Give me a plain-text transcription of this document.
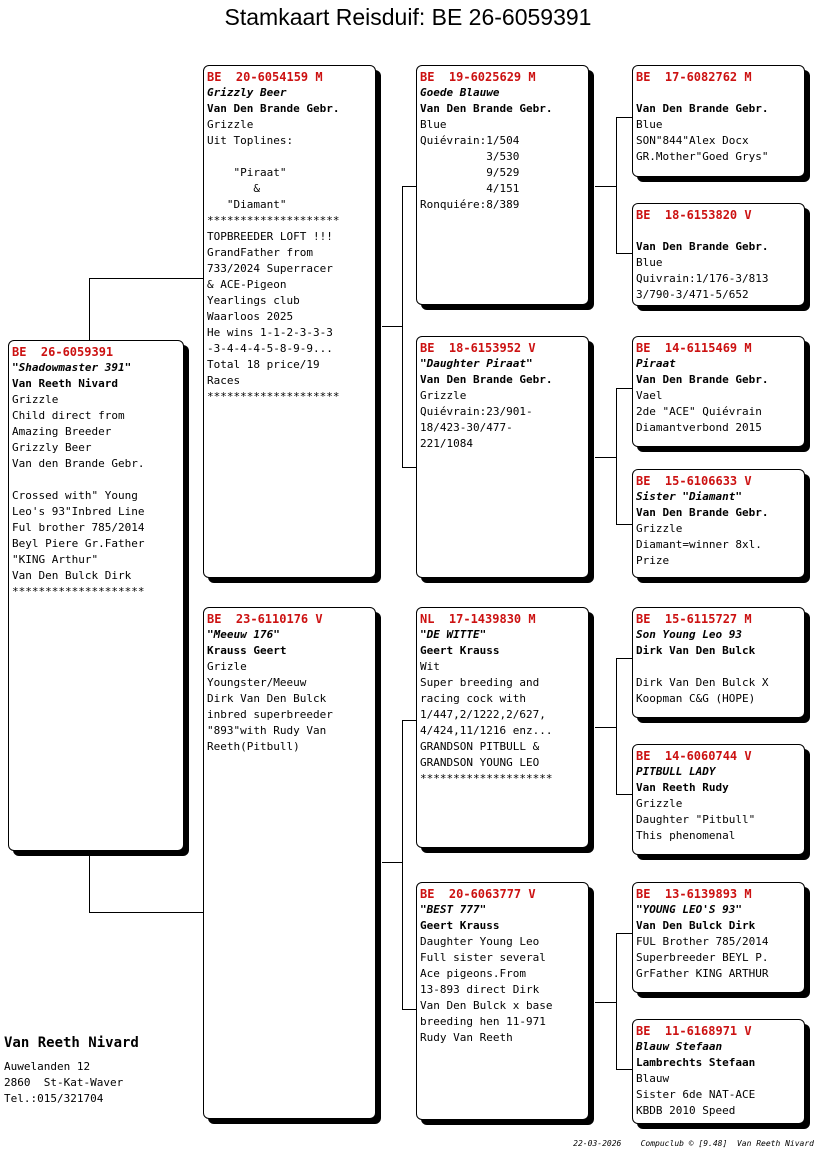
Stamkaart Reisduif: BE 26-6059391
BE  26-6059391
"Shadowmaster 391"
Van Reeth Nivard
Grizzle
Child direct from
Amazing Breeder
Grizzly Beer
Van den Brande Gebr.
Crossed with" Young
Leo's 93"Inbred Line
Ful brother 785/2014
Beyl Piere Gr.Father
"KING Arthur"
Van Den Bulck Dirk
********************
BE  20-6054159 M
Grizzly Beer
Van Den Brande Gebr.
Grizzle
Uit Toplines:
"Piraat"
&
"Diamant"
********************
TOPBREEDER LOFT !!!
GrandFather from
733/2024 Superracer
& ACE-Pigeon
Yearlings club
Waarloos 2025
He wins 1-1-2-3-3-3
-3-4-4-4-5-8-9-9...
Total 18 price/19
Races
********************
BE  23-6110176 V
"Meeuw 176"
Krauss Geert
Grizle
Youngster/Meeuw
Dirk Van Den Bulck
inbred superbreeder
"893"with Rudy Van
Reeth(Pitbull)
BE  19-6025629 M
Goede Blauwe
Van Den Brande Gebr.
Blue
Quiévrain:1/504
3/530
9/529
4/151
Ronquiére:8/389
BE  18-6153952 V
"Daughter Piraat"
Van Den Brande Gebr.
Grizzle
Quiévrain:23/901-
18/423-30/477-
221/1084
NL  17-1439830 M
"DE WITTE"
Geert Krauss
Wit
Super breeding and
racing cock with
1/447,2/1222,2/627,
4/424,11/1216 enz...
GRANDSON PITBULL &
GRANDSON YOUNG LEO
********************
BE  20-6063777 V
"BEST 777"
Geert Krauss
Daughter Young Leo
Full sister several
Ace pigeons.From
13-893 direct Dirk
Van Den Bulck x base
breeding hen 11-971
Rudy Van Reeth
BE  17-6082762 M
Van Den Brande Gebr.
Blue
SON"844"Alex Docx
GR.Mother"Goed Grys"
BE  18-6153820 V
Van Den Brande Gebr.
Blue
Quivrain:1/176-3/813
3/790-3/471-5/652
BE  14-6115469 M
Piraat
Van Den Brande Gebr.
Vael
2de "ACE" Quiévrain
Diamantverbond 2015
BE  15-6106633 V
Sister "Diamant"
Van Den Brande Gebr.
Grizzle
Diamant=winner 8xl.
Prize
BE  15-6115727 M
Son Young Leo 93
Dirk Van Den Bulck
Dirk Van Den Bulck X
Koopman C&G (HOPE)
BE  14-6060744 V
PITBULL LADY
Van Reeth Rudy
Grizzle
Daughter "Pitbull"
This phenomenal
BE  13-6139893 M
"YOUNG LEO'S 93"
Van Den Bulck Dirk
FUL Brother 785/2014
Superbreeder BEYL P.
GrFather KING ARTHUR
BE  11-6168971 V
Blauw Stefaan
Lambrechts Stefaan
Blauw
Sister 6de NAT-ACE
KBDB 2010 Speed
Van Reeth Nivard
Auwelanden 12
2860  St-Kat-Waver
Tel.:015/321704
22-03-2026    Compuclub © [9.48]  Van Reeth Nivard
